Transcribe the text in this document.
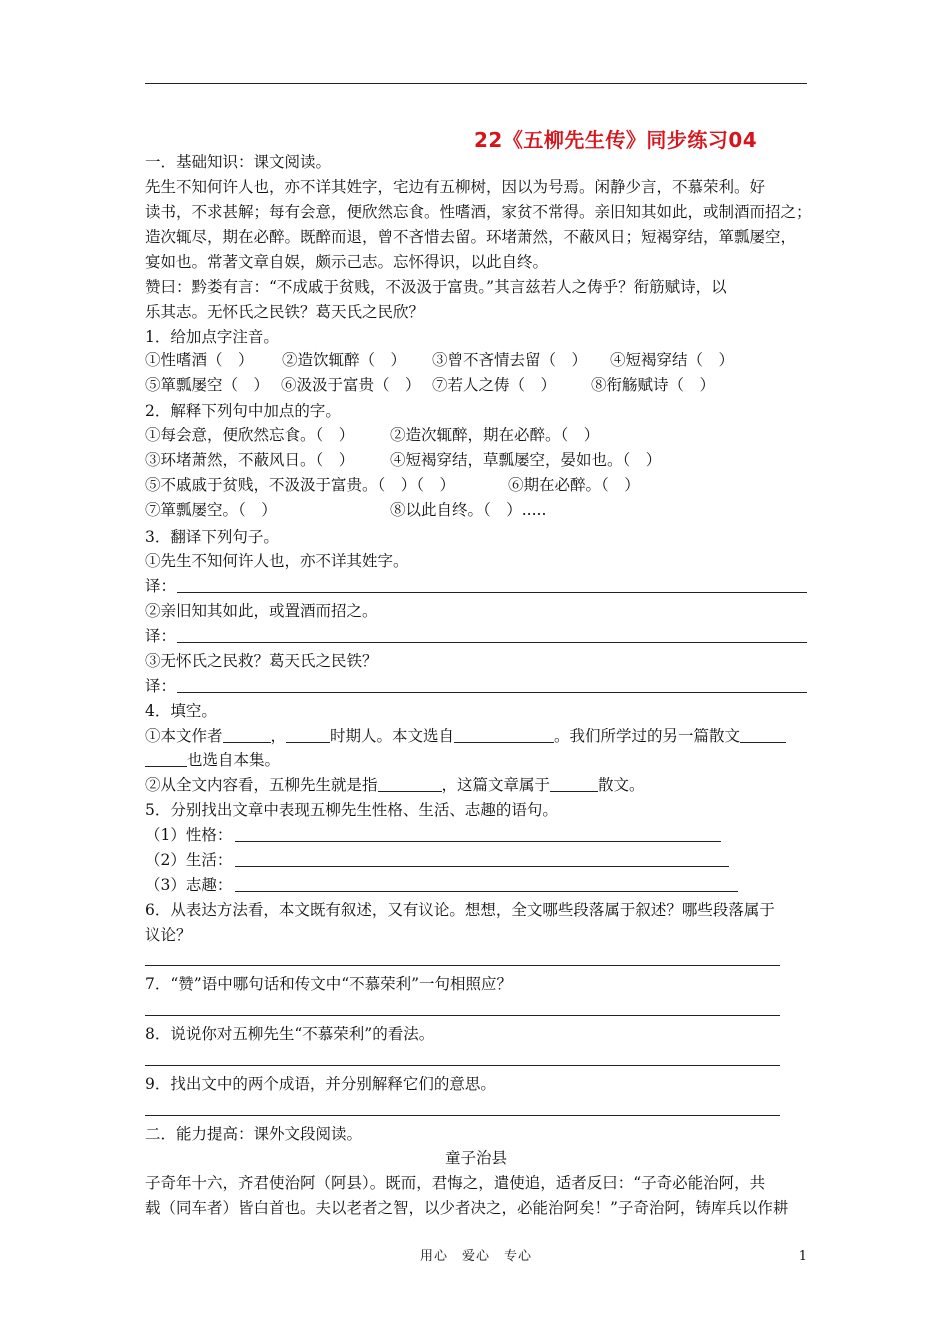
22《五柳先生传》同步练习04
一．基础知识：课文阅读。
先生不知何许人也，亦不详其姓字，宅边有五柳树，因以为号焉。闲静少言，不慕荣利。好
读书，不求甚解；每有会意，便欣然忘食。性嗜酒，家贫不常得。亲旧知其如此，或制酒而招之；
造次辄尽，期在必醉。既醉而退，曾不吝惜去留。环堵萧然，不蔽风日；短褐穿结，箪瓢屡空，
宴如也。常著文章自娱，颇示己志。忘怀得识，以此自终。
赞曰：黔娄有言：“不成戚于贫贱，不汲汲于富贵。”其言兹若人之俦乎？衔筋赋诗，以
乐其志。无怀氏之民铁？葛天氏之民欣？
1．给加点字注音。
①性嗜酒（　） ②造饮辄醉（　） ③曾不吝情去留（　） ④短褐穿结（　）
⑤箪瓢屡空（　） ⑥汲汲于富贵（　） ⑦若人之俦（　） ⑧衔觞赋诗（　）
2．解释下列句中加点的字。
①每会意，便欣然忘食。（　） ②造次辄醉，期在必醉。（　）
③环堵萧然，不蔽风日。（　） ④短褐穿结，草瓢屡空，晏如也。（　）
⑤不戚戚于贫贱，不汲汲于富贵。（　）（　）	⑥期在必醉。（　）
⑦箪瓢屡空。（　）	⑧以此自终。（　）.....
3．翻译下列句子。
①先生不知何许人也，亦不详其姓字。
译：
②亲旧知其如此，或置酒而招之。
译：
③无怀氏之民救？葛天氏之民铁？
译：
4．填空。
①本文作者	，	时期人。本文选自	。我们所学过的另一篇散文
也选自本集。
②从全文内容看，五柳先生就是指	，这篇文章属于	散文。
5．分别找出文章中表现五柳先生性格、生活、志趣的语句。
（1）性格：
（2）生活：
（3）志趣：
6．从表达方法看，本文既有叙述，又有议论。想想，全文哪些段落属于叙述？哪些段落属于
议论？
7．“赞”语中哪句话和传文中“不慕荣利”一句相照应？
8．说说你对五柳先生“不慕荣利”的看法。
9．找出文中的两个成语，并分别解释它们的意思。
二．能力提高：课外文段阅读。
童子治县
子奇年十六，齐君使治阿（阿县）。既而，君悔之，遣使追，适者反曰：“子奇必能治阿，共
载（同车者）皆白首也。夫以老者之智，以少者决之，必能治阿矣！”子奇治阿，铸库兵以作耕
用心　爱心　专心	1
